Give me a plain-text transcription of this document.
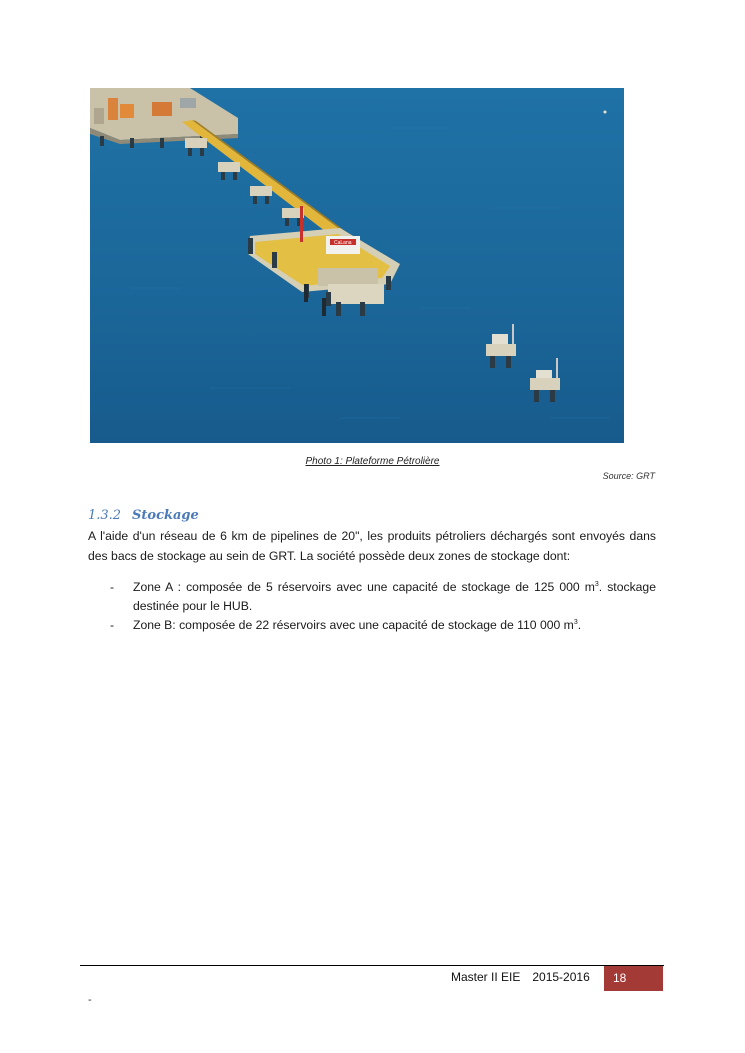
CaLana
Photo 1: Plateforme Pétrolière
Source: GRT
1.3.2 Stockage
A l'aide d'un réseau de 6 km de pipelines de 20", les produits pétroliers déchargés sont envoyés dans des bacs de stockage au sein de GRT. La société possède deux zones de stockage dont:
- Zone A : composée de 5 réservoirs avec une capacité de stockage de 125 000 $m^3$. stockage destinée pour le HUB.
- Zone B: composée de 22 réservoirs avec une capacité de stockage de 110 000 $m^3$.
Master II EIE 2015-2016	18
-
